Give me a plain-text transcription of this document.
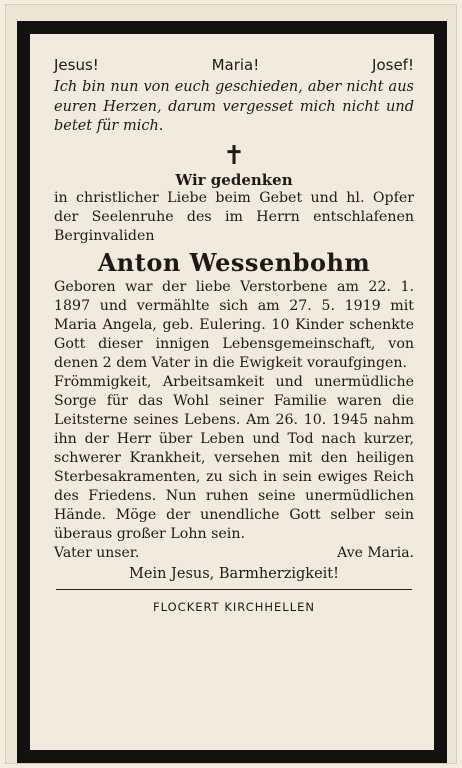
Jesus!	Maria!	Josef!
Ich bin nun von euch geschieden, aber nicht aus euren Herzen, darum vergesset mich nicht und betet für mich.
✝
Wir gedenken
in christlicher Liebe beim Gebet und hl. Opfer der Seelenruhe des im Herrn entschlafenen Berginvaliden
Anton Wessenbohm
Geboren war der liebe Verstorbene am 22. 1. 1897 und vermählte sich am 27. 5. 1919 mit Maria Angela, geb. Eulering. 10 Kinder schenkte Gott dieser innigen Lebensgemeinschaft, von denen 2 dem Vater in die Ewigkeit voraufgingen.
Frömmigkeit, Arbeitsamkeit und unermüdliche Sorge für das Wohl seiner Familie waren die Leitsterne seines Lebens. Am 26. 10. 1945 nahm ihn der Herr über Leben und Tod nach kurzer, schwerer Krankheit, versehen mit den heiligen Sterbesakramenten, zu sich in sein ewiges Reich des Friedens. Nun ruhen seine unermüdlichen Hände. Möge der unendliche Gott selber sein überaus großer Lohn sein.
Vater unser.	Ave Maria.
Mein Jesus, Barmherzigkeit!
FLOCKERT KIRCHHELLEN
